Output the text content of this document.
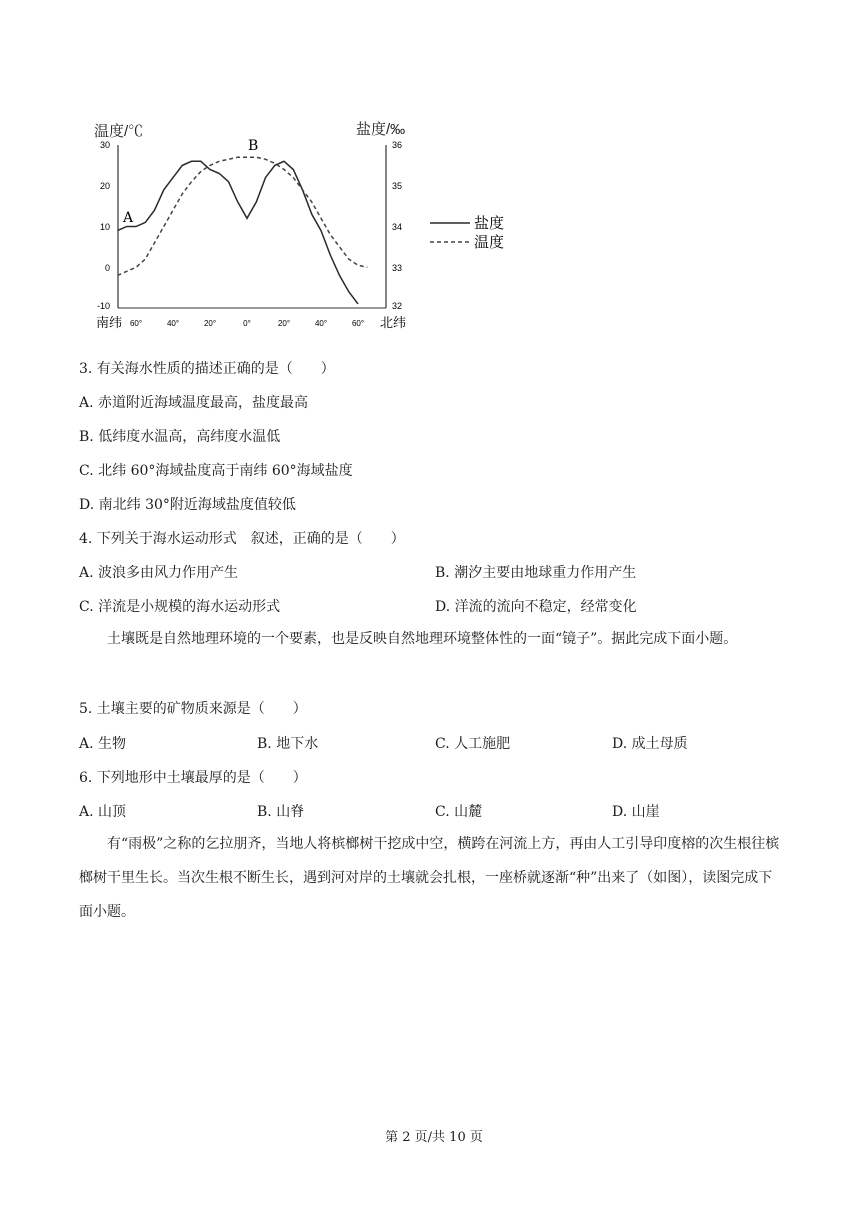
温度/℃	盐度/‰
30
20
10
0
-10
36
35
34
33
32
南纬 60°	40°	20°	0°	20°	40°	60° 北纬
A
B
盐度
温度
3. 有关海水性质的描述正确的是（　　）
A. 赤道附近海域温度最高，盐度最高
B. 低纬度水温高，高纬度水温低
C. 北纬 60°海域盐度高于南纬 60°海域盐度
D. 南北纬 30°附近海域盐度值较低
4. 下列关于海水运动形式　叙述，正确的是（　　）
A. 波浪多由风力作用产生	B. 潮汐主要由地球重力作用产生
C. 洋流是小规模的海水运动形式	D. 洋流的流向不稳定，经常变化
土壤既是自然地理环境的一个要素，也是反映自然地理环境整体性的一面“镜子”。据此完成下面小题。
5. 土壤主要的矿物质来源是（　　）
A. 生物	B. 地下水	C. 人工施肥	D. 成土母质
6. 下列地形中土壤最厚的是（　　）
A. 山顶	B. 山脊	C. 山麓	D. 山崖
有“雨极”之称的乞拉朋齐，当地人将槟榔树干挖成中空，横跨在河流上方，再由人工引导印度榕的次生根往槟榔树干里生长。当次生根不断生长，遇到河对岸的土壤就会扎根，一座桥就逐渐“种”出来了（如图），读图完成下面小题。
第 2 页/共 10 页
